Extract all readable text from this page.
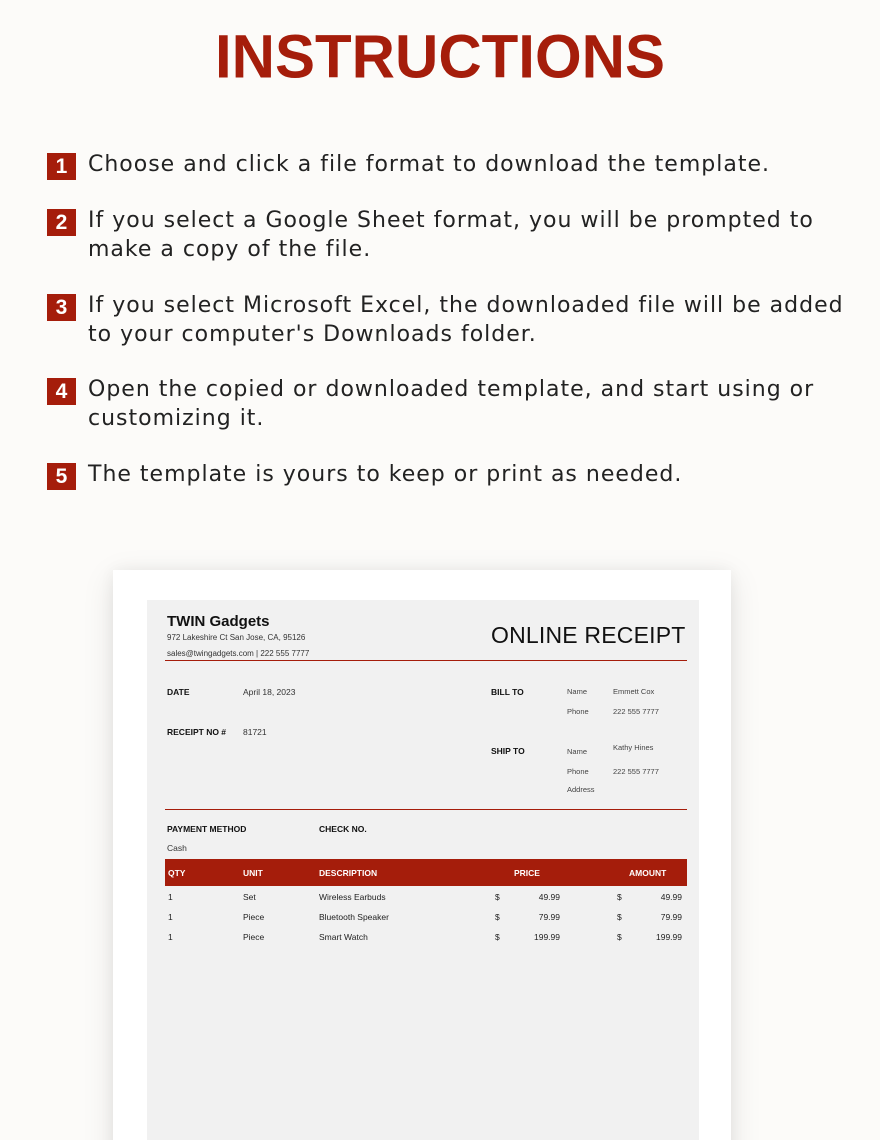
INSTRUCTIONS
1 Choose and click a file format to download the template.
2 If you select a Google Sheet format, you will be prompted to make a copy of the file.
3 If you select Microsoft Excel, the downloaded file will be added to your computer's Downloads folder.
4 Open the copied or downloaded template, and start using or customizing it.
5 The template is yours to keep or print as needed.
TWIN Gadgets
972 Lakeshire Ct San Jose, CA, 95126
sales@twingadgets.com | 222 555 7777
ONLINE RECEIPT
DATE	April 18, 2023
RECEIPT NO # 81721
BILL TO	Name	Emmett Cox
Phone	222 555 7777
SHIP TO	Name	Kathy Hines
Phone	222 555 7777
Address
PAYMENT METHOD
Cash
CHECK NO.
QTY	UNIT	DESCRIPTION	PRICE	AMOUNT
1	Set	Wireless Earbuds	$	49.99	$	49.99
1	Piece	Bluetooth Speaker	$	79.99	$	79.99
1	Piece	Smart Watch	$	199.99	$	199.99
